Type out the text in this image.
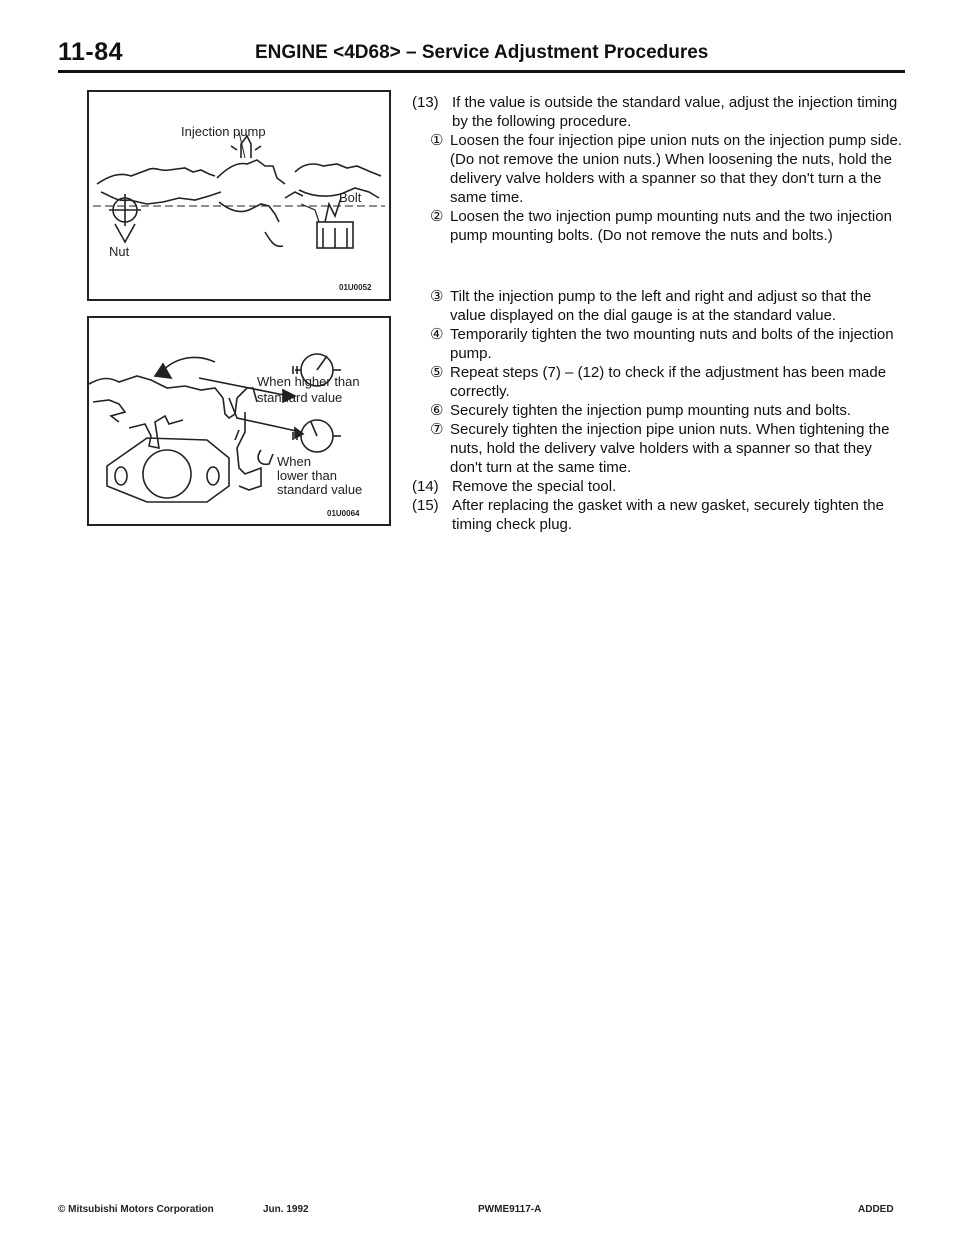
11-84	ENGINE <4D68> – Service Adjustment Procedures
Injection pump
Bolt
Nut
01U0052
When higher than standard value
When
lower than
standard value
01U0064
(13) If the value is outside the standard value, adjust the injection timing by the following procedure.
① Loosen the four injection pipe union nuts on the injection pump side. (Do not remove the union nuts.) When loosening the nuts, hold the delivery valve holders with a spanner so that they don't turn a the same time.
② Loosen the two injection pump mounting nuts and the two injection pump mounting bolts. (Do not remove the nuts and bolts.)
③ Tilt the injection pump to the left and right and adjust so that the value displayed on the dial gauge is at the standard value.
④ Temporarily tighten the two mounting nuts and bolts of the injection pump.
⑤ Repeat steps (7) – (12) to check if the adjustment has been made correctly.
⑥ Securely tighten the injection pump mounting nuts and bolts.
⑦ Securely tighten the injection pipe union nuts. When tightening the nuts, hold the delivery valve holders with a spanner so that they don't turn at the same time.
(14) Remove the special tool.
(15) After replacing the gasket with a new gasket, securely tighten the timing check plug.
© Mitsubishi Motors Corporation	Jun. 1992	PWME9117-A	ADDED
